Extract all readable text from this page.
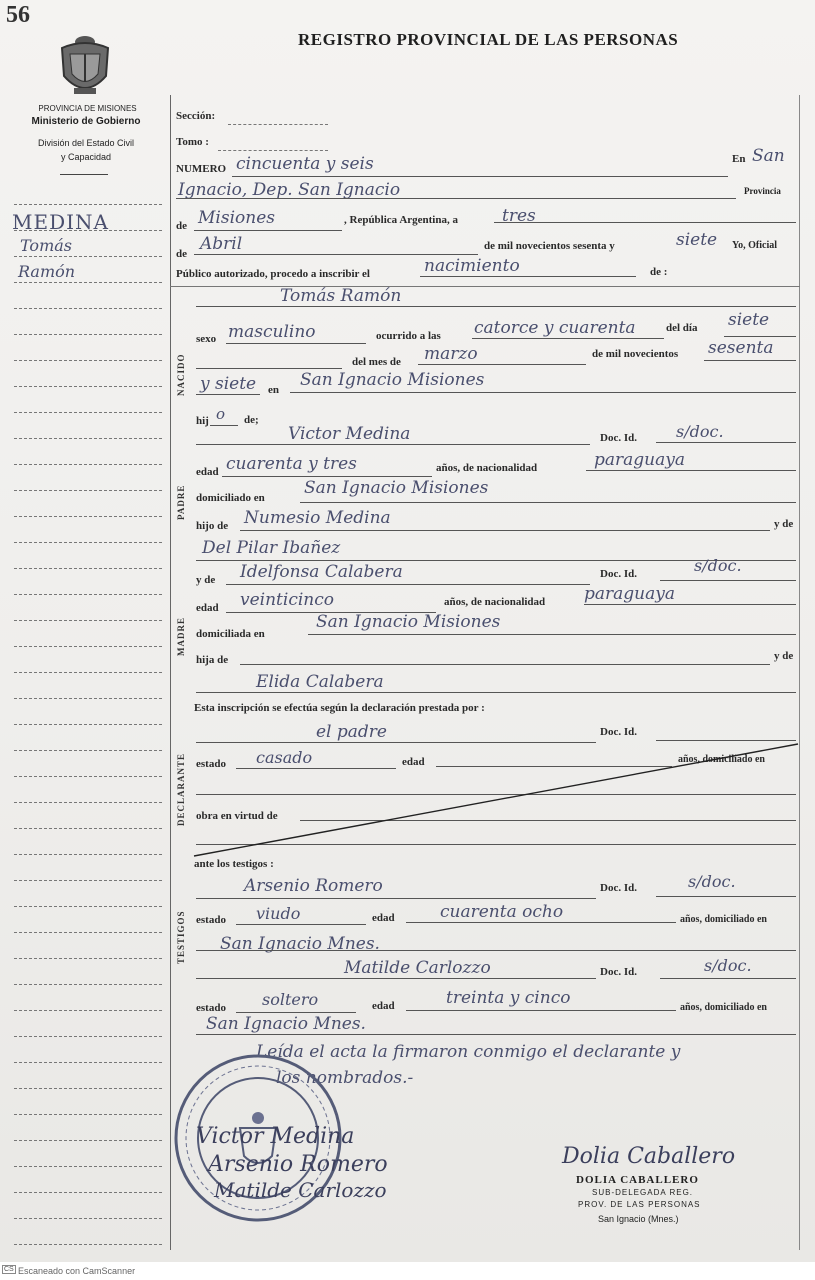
56
PROVINCIA DE MISIONES
Ministerio de Gobierno
División del Estado Civil
y Capacidad
MEDINA
Tomás
Ramón
REGISTRO PROVINCIAL DE LAS PERSONAS
Sección:
Tomo :
NUMERO cincuenta y seis	En San
Ignacio, Dep. San Ignacio	Provincia
de Misiones	, República Argentina, a	tres
de Abril	de mil novecientos sesenta y	siete Yo, Oficial
Público autorizado, procedo a inscribir el	nacimiento	de :
NACIDO
Tomás Ramón
sexo masculino	ocurrido a las catorce y cuarenta	del día siete
del mes de marzo	de mil novecientos sesenta
y siete en San Ignacio Misiones
hij o de;
PADRE
Victor Medina	Doc. Id. s/doc.
edad cuarenta y tres	años, de nacionalidad	paraguaya
domiciliado en San Ignacio Misiones
hijo de Numesio Medina	y de
Del Pilar Ibañez
MADRE
y de Idelfonsa Calabera	Doc. Id.	s/doc.
edad veinticinco	años, de nacionalidad paraguaya
domiciliada en
San Ignacio Misiones
hija de	y de
Elida Calabera
Esta inscripción se efectúa según la declaración prestada por :
DECLARANTE
el padre	Doc. Id.
estado casado	edad	años, domiciliado en
obra en virtud de
ante los testigos :
TESTIGOS
Arsenio Romero	Doc. Id.	s/doc.
estado viudo	edad	cuarenta ocho	años, domiciliado en
San Ignacio Mnes.
Matilde Carlozzo	Doc. Id.	s/doc.
estado soltero	edad	treinta y cinco	años, domiciliado en
San Ignacio Mnes.
Leída el acta la firmaron conmigo el declarante y
los nombrados.-
Victor Medina
Arsenio Romero
Matilde Carlozzo
Dolia Caballero
DOLIA CABALLERO
SUB-DELEGADA REG.
PROV. DE LAS PERSONAS
San Ignacio (Mnes.)
CS Escaneado con CamScanner
